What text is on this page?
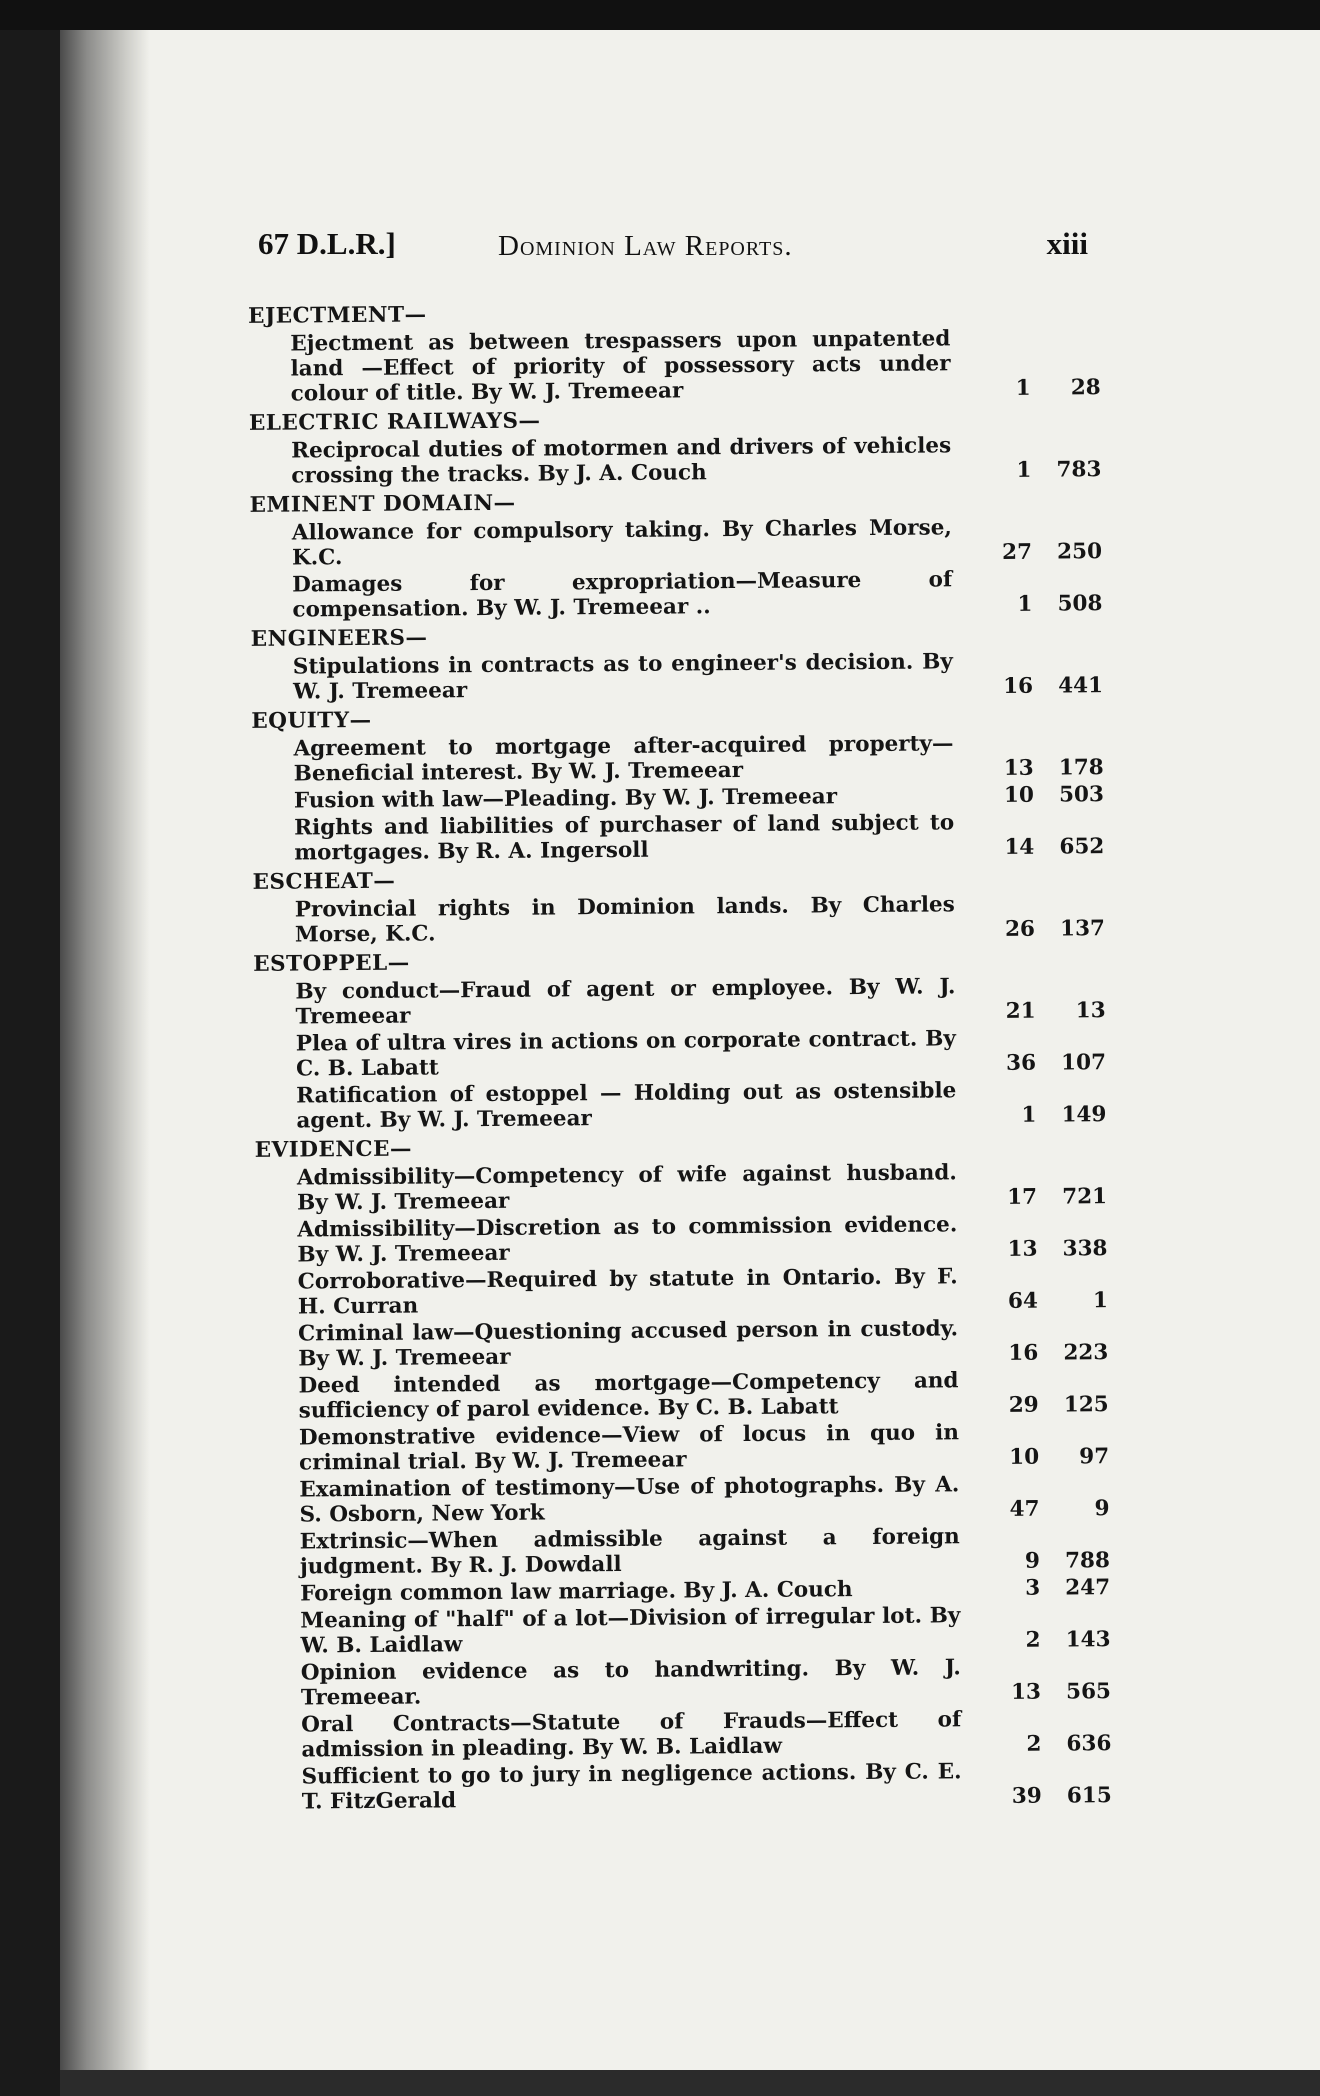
67 D.L.R.]	Dominion Law Reports.	xiii
EJECTMENT—
Ejectment as between trespassers upon unpatented land —Effect of priority of possessory acts under colour of title. By W. J. Tremeear	1	28
ELECTRIC RAILWAYS—
Reciprocal duties of motormen and drivers of vehicles crossing the tracks. By J. A. Couch	1	783
EMINENT DOMAIN—
Allowance for compulsory taking. By Charles Morse, K.C.	27	250
Damages for expropriation—Measure of compensation. By W. J. Tremeear ..	1	508
ENGINEERS—
Stipulations in contracts as to engineer's decision. By W. J. Tremeear	16	441
EQUITY—
Agreement to mortgage after-acquired property—Beneficial interest. By W. J. Tremeear	13	178
Fusion with law—Pleading. By W. J. Tremeear	10	503
Rights and liabilities of purchaser of land subject to mortgages. By R. A. Ingersoll	14	652
ESCHEAT—
Provincial rights in Dominion lands. By Charles Morse, K.C.	26	137
ESTOPPEL—
By conduct—Fraud of agent or employee. By W. J. Tremeear	21	13
Plea of ultra vires in actions on corporate contract. By C. B. Labatt	36	107
Ratification of estoppel — Holding out as ostensible agent. By W. J. Tremeear	1	149
EVIDENCE—
Admissibility—Competency of wife against husband. By W. J. Tremeear	17	721
Admissibility—Discretion as to commission evidence. By W. J. Tremeear	13	338
Corroborative—Required by statute in Ontario. By F. H. Curran	64	1
Criminal law—Questioning accused person in custody. By W. J. Tremeear	16	223
Deed intended as mortgage—Competency and sufficiency of parol evidence. By C. B. Labatt	29	125
Demonstrative evidence—View of locus in quo in criminal trial. By W. J. Tremeear	10	97
Examination of testimony—Use of photographs. By A. S. Osborn, New York	47	9
Extrinsic—When admissible against a foreign judgment. By R. J. Dowdall	9	788
Foreign common law marriage. By J. A. Couch	3	247
Meaning of "half" of a lot—Division of irregular lot. By W. B. Laidlaw	2	143
Opinion evidence as to handwriting. By W. J. Tremeear.	13	565
Oral Contracts—Statute of Frauds—Effect of admission in pleading. By W. B. Laidlaw	2	636
Sufficient to go to jury in negligence actions. By C. E. T. FitzGerald	39	615
